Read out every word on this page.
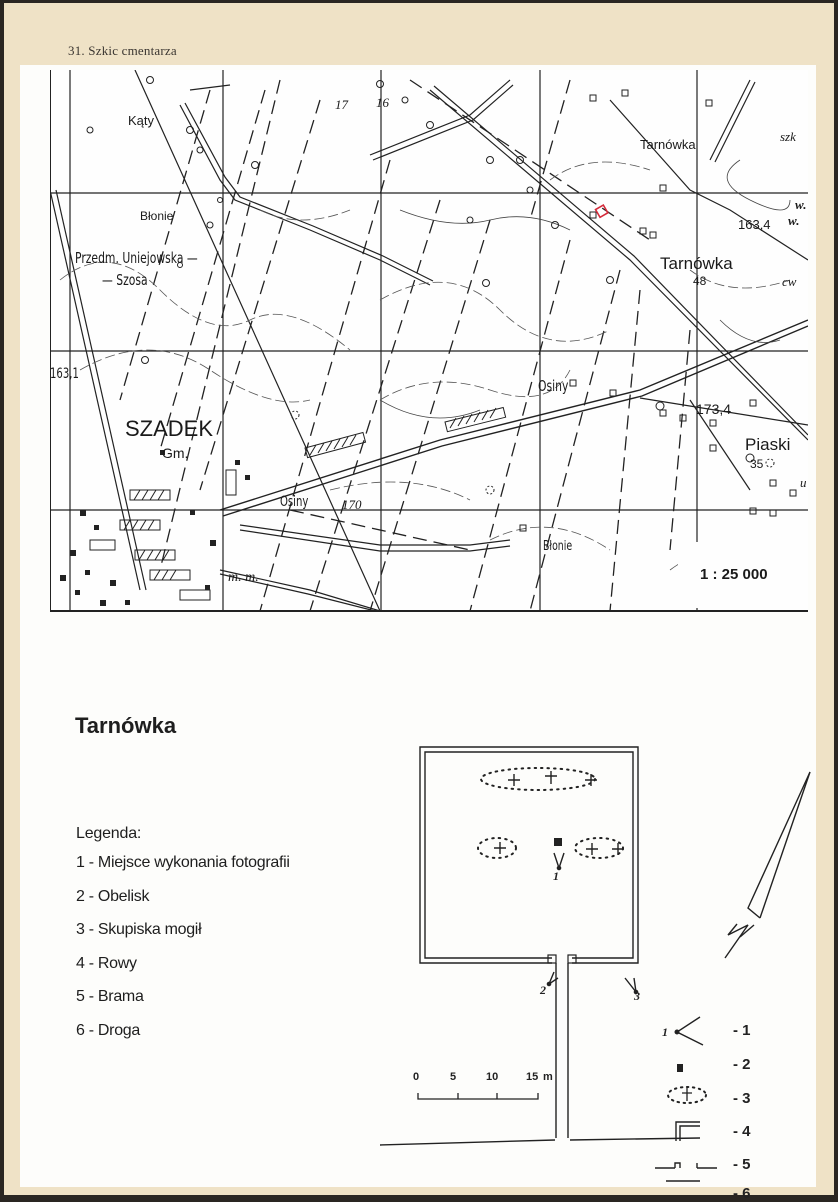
31. Szkic cmentarza
Kąty
Błonie
Przedm. Uniejowska —
— Szosa
17 16
Tarnówka
szk
163,4
Tarnówka
48
w.
w.
cw
163,1
SZADEK
Gm.
Osiny
Osiny	170
m. m.
173,4
Piaski
35
Błonie
u
1 : 25 000
Tarnówka
Legenda:
1 - Miejsce wykonania fotografii
2 - Obelisk
3 - Skupiska mogił
4 - Rowy
5 - Brama
6 - Droga
1
2	3
1
0	5	10	15 m
- 1
- 2
- 3
- 4
- 5
- 6
